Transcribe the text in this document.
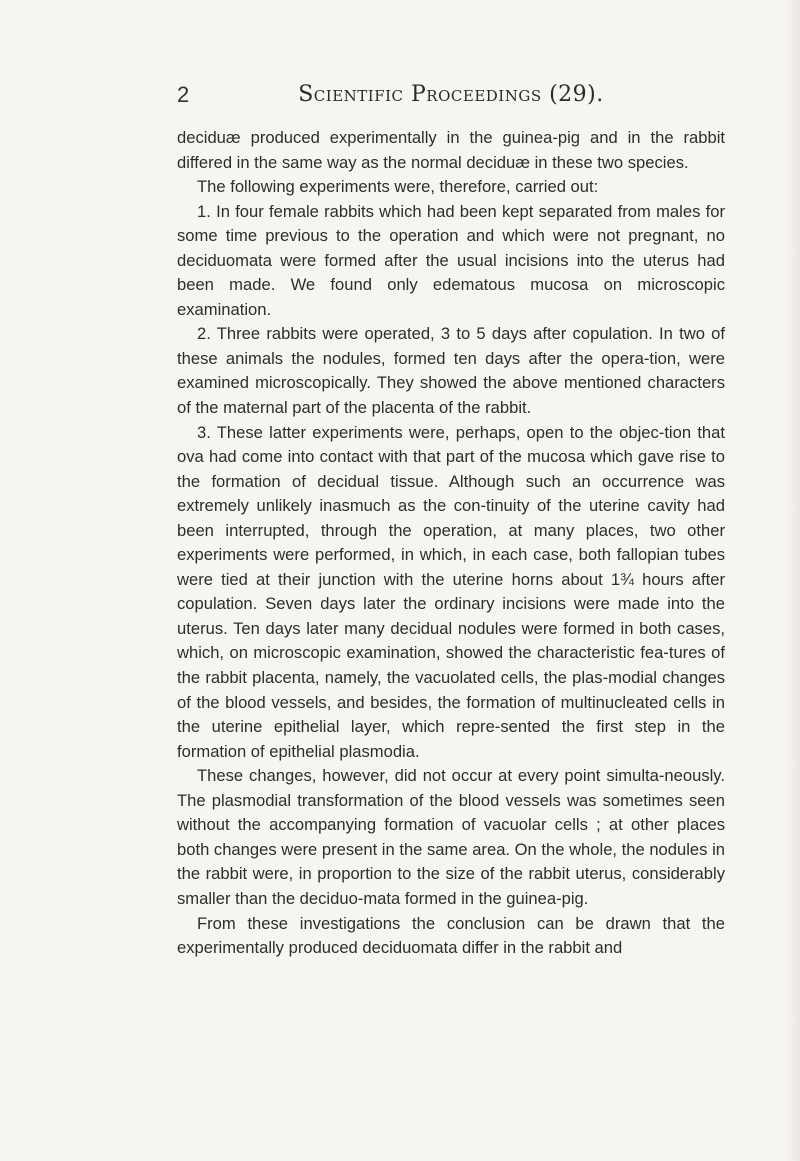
2	Scientific Proceedings (29).

deciduæ produced experimentally in the guinea-pig and in the rabbit differed in the same way as the normal deciduæ in these two species.

The following experiments were, therefore, carried out:

1. In four female rabbits which had been kept separated from males for some time previous to the operation and which were not pregnant, no deciduomata were formed after the usual incisions into the uterus had been made. We found only edematous mucosa on microscopic examination.

2. Three rabbits were operated, 3 to 5 days after copulation. In two of these animals the nodules, formed ten days after the opera-tion, were examined microscopically. They showed the above mentioned characters of the maternal part of the placenta of the rabbit.

3. These latter experiments were, perhaps, open to the objec-tion that ova had come into contact with that part of the mucosa which gave rise to the formation of decidual tissue. Although such an occurrence was extremely unlikely inasmuch as the con-tinuity of the uterine cavity had been interrupted, through the operation, at many places, two other experiments were performed, in which, in each case, both fallopian tubes were tied at their junction with the uterine horns about 1¾ hours after copulation. Seven days later the ordinary incisions were made into the uterus. Ten days later many decidual nodules were formed in both cases, which, on microscopic examination, showed the characteristic fea-tures of the rabbit placenta, namely, the vacuolated cells, the plas-modial changes of the blood vessels, and besides, the formation of multinucleated cells in the uterine epithelial layer, which repre-sented the first step in the formation of epithelial plasmodia.

These changes, however, did not occur at every point simulta-neously. The plasmodial transformation of the blood vessels was sometimes seen without the accompanying formation of vacuolar cells ; at other places both changes were present in the same area. On the whole, the nodules in the rabbit were, in proportion to the size of the rabbit uterus, considerably smaller than the deciduo-mata formed in the guinea-pig.

From these investigations the conclusion can be drawn that the experimentally produced deciduomata differ in the rabbit and
